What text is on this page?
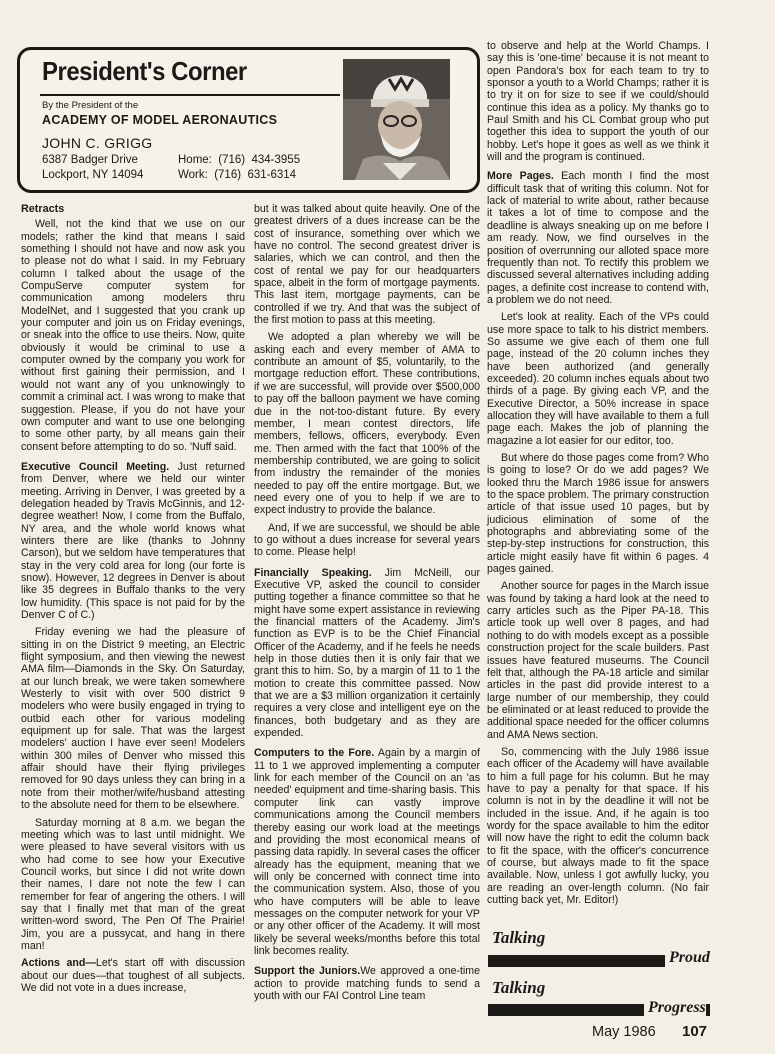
President's Corner
By the President of the
ACADEMY OF MODEL AERONAUTICS
JOHN C. GRIGG
6387 Badger Drive
Lockport, NY 14094
Home:  (716)  434-3955
Work:  (716)  631-6314
Retracts

Well, not the kind that we use on our models; rather the kind that means I said something I should not have and now ask you to please not do what I said. In my February column I talked about the usage of the CompuServe computer system for communication among modelers thru ModelNet, and I suggested that you crank up your computer and join us on Friday evenings, or sneak into the office to use theirs. Now, quite obviously it would be criminal to use a computer owned by the company you work for without first gaining their permission, and I would not want any of you unknowingly to commit a criminal act. I was wrong to make that suggestion. Please, if you do not have your own computer and want to use one belonging to some other party, by all means gain their consent before attempting to do so. 'Nuff said.

Executive Council Meeting. Just returned from Denver, where we held our winter meeting. Arriving in Denver, I was greeted by a delegation headed by Travis McGinnis, and 12-degree weather! Now, I come from the Buffalo, NY area, and the whole world knows what winters there are like (thanks to Johnny Carson), but we seldom have temperatures that stay in the very cold area for long (our forte is snow). However, 12 degrees in Denver is about like 35 degrees in Buffalo thanks to the very low humidity. (This space is not paid for by the Denver C of C.)

Friday evening we had the pleasure of sitting in on the District 9 meeting, an Electric flight symposium, and then viewing the newest AMA film—Diamonds in the Sky. On Saturday, at our lunch break, we were taken somewhere Westerly to visit with over 500 district 9 modelers who were busily engaged in trying to outbid each other for various modeling equipment up for sale. That was the largest modelers' auction I have ever seen! Modelers within 300 miles of Denver who missed this affair should have their flying privileges removed for 90 days unless they can bring in a note from their mother/wife/husband attesting to the absolute need for them to be elsewhere.

Saturday morning at 8 a.m. we began the meeting which was to last until midnight. We were pleased to have several visitors with us who had come to see how your Executive Council works, but since I did not write down their names, I dare not note the few I can remember for fear of angering the others. I will say that I finally met that man of the great written-word sword, The Pen Of The Prairie! Jim, you are a pussycat, and hang in there man!

Actions and—Let's start off with discussion about our dues—that toughest of all subjects. We did not vote in a dues increase,

but it was talked about quite heavily. One of the greatest drivers of a dues increase can be the cost of insurance, something over which we have no control. The second greatest driver is salaries, which we can control, and then the cost of rental we pay for our headquarters space, albeit in the form of mortgage payments. This last item, mortgage payments, can be controlled if we try. And that was the subject of the first motion to pass at this meeting.

We adopted a plan whereby we will be asking each and every member of AMA to contribute an amount of $5, voluntarily, to the mortgage reduction effort. These contributions, if we are successful, will provide over $500,000 to pay off the balloon payment we have coming due in the not-too-distant future. By every member, I mean contest directors, life members, fellows, officers, everybody. Even me. Then armed with the fact that 100% of the membership contributed, we are going to solicit from industry the remainder of the monies needed to pay off the entire mortgage. But, we need every one of you to help if we are to expect industry to provide the balance.

And, If we are successful, we should be able to go without a dues increase for several years to come. Please help!

Financially Speaking. Jim McNeill, our Executive VP, asked the council to consider putting together a finance committee so that he might have some expert assistance in reviewing the financial matters of the Academy. Jim's function as EVP is to be the Chief Financial Officer of the Academy, and if he feels he needs help in those duties then it is only fair that we grant this to him. So, by a margin of 11 to 1 the motion to create this committee passed. Now that we are a $3 million organization it certainly requires a very close and intelligent eye on the finances, both budgetary and as they are expended.

Computers to the Fore. Again by a margin of 11 to 1 we approved implementing a computer link for each member of the Council on an 'as needed' equipment and time-sharing basis. This computer link can vastly improve communications among the Council members thereby easing our work load at the meetings and providing the most economical means of passing data rapidly. In several cases the officer already has the equipment, meaning that we will only be concerned with connect time into the communication system. Also, those of you who have computers will be able to leave messages on the computer network for your VP or any other officer of the Academy. It will most likely be several weeks/months before this total link becomes reality.

Support the Juniors.We approved a one-time action to provide matching funds to send a youth with our FAI Control Line team

to observe and help at the World Champs. I say this is 'one-time' because it is not meant to open Pandora's box for each team to try to sponsor a youth to a World Champs; rather it is to try it on for size to see if we could/should continue this idea as a policy. My thanks go to Paul Smith and his CL Combat group who put together this idea to support the youth of our hobby. Let's hope it goes as well as we think it will and the program is continued.

More Pages. Each month I find the most difficult task that of writing this column. Not for lack of material to write about, rather because it takes a lot of time to compose and the deadline is always sneaking up on me before I am ready. Now, we find ourselves in the position of overrunning our alloted space more frequently than not. To rectify this problem we discussed several alternatives including adding pages, a definite cost increase to contend with, a problem we do not need.

Let's look at reality. Each of the VPs could use more space to talk to his district members. So assume we give each of them one full page, instead of the 20 column inches they have been authorized (and generally exceeded). 20 column inches equals about two thirds of a page. By giving each VP, and the Executive Director, a 50% increase in space allocation they will have available to them a full page each. Makes the job of planning the magazine a lot easier for our editor, too.

But where do those pages come from? Who is going to lose? Or do we add pages? We looked thru the March 1986 issue for answers to the space problem. The primary construction article of that issue used 10 pages, but by judicious elimination of some of the photographs and abbreviating some of the step-by-step instructions for construction, this article might easily have fit within 6 pages. 4 pages gained.

Another source for pages in the March issue was found by taking a hard look at the need to carry articles such as the Piper PA-18. This article took up well over 8 pages, and had nothing to do with models except as a possible construction project for the scale builders. Past issues have featured museums. The Council felt that, although the PA-18 article and similar articles in the past did provide interest to a large number of our membership, they could be eliminated or at least reduced to provide the additional space needed for the officer columns and AMA News section.

So, commencing with the July 1986 issue each officer of the Academy will have available to him a full page for his column. But he may have to pay a penalty for that space. If his column is not in by the deadline it will not be included in the issue. And, if he again is too wordy for the space available to him the editor will now have the right to edit the column back to fit the space, with the officer's concurrence of course, but always made to fit the space available. Now, unless I got awfully lucky, you are reading an over-length column. (No fair cutting back yet, Mr. Editor!)

Talking
Proud
Talking
Progress
May 1986 107
